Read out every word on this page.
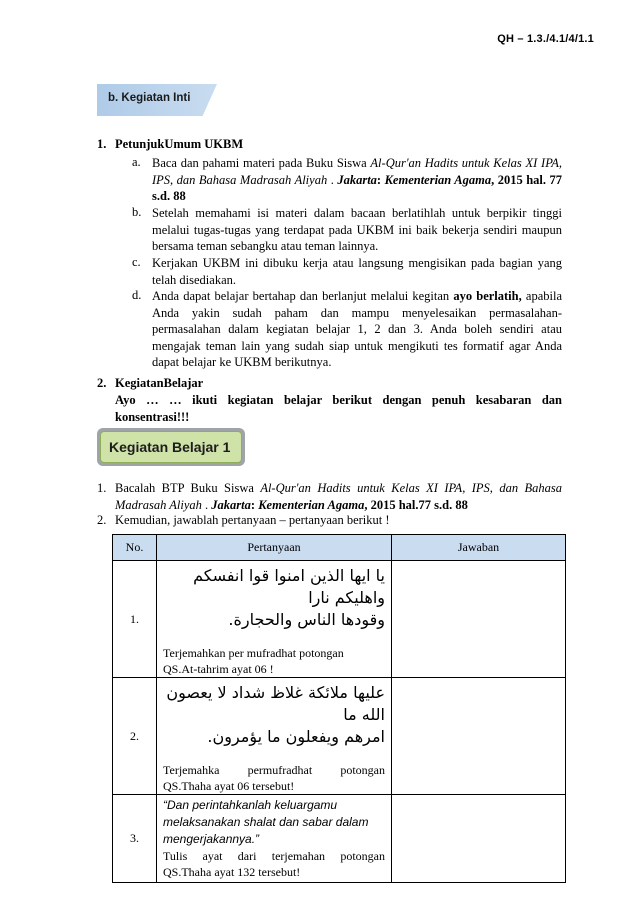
QH – 1.3./4.1/4/1.1
b. Kegiatan Inti
1. PetunjukUmum UKBM
a. Baca dan pahami materi pada Buku Siswa Al-Qur'an Hadits untuk Kelas XI IPA, IPS, dan Bahasa Madrasah Aliyah . Jakarta: Kementerian Agama, 2015 hal. 77 s.d. 88
b. Setelah memahami isi materi dalam bacaan berlatihlah untuk berpikir tinggi melalui tugas-tugas yang terdapat pada UKBM ini baik bekerja sendiri maupun bersama teman sebangku atau teman lainnya.
c. Kerjakan UKBM ini dibuku kerja atau langsung mengisikan pada bagian yang telah disediakan.
d. Anda dapat belajar bertahap dan berlanjut melalui kegitan ayo berlatih, apabila Anda yakin sudah paham dan mampu menyelesaikan permasalahan-permasalahan dalam kegiatan belajar 1, 2 dan 3. Anda boleh sendiri atau mengajak teman lain yang sudah siap untuk mengikuti tes formatif agar Anda dapat belajar ke UKBM berikutnya.
2. KegiatanBelajar
Ayo … … ikuti kegiatan belajar berikut dengan penuh kesabaran dan konsentrasi!!!
Kegiatan Belajar 1
1. Bacalah BTP Buku Siswa Al-Qur'an Hadits untuk Kelas XI IPA, IPS, dan Bahasa Madrasah Aliyah . Jakarta: Kementerian Agama, 2015 hal.77 s.d. 88
2. Kemudian, jawablah pertanyaan – pertanyaan berikut !
No.	Pertanyaan	Jawaban
1.	يا ايها الذين امنوا قوا انفسكم واهليكم نارا
وقودها الناس والحجارة.
Terjemahkan per mufradhat potongan
QS.At-tahrim ayat 06 !	

2.	عليها ملائكة غلاظ شداد لا يعصون الله ما
امرهم ويفعلون ما يؤمرون.
Terjemahka permufradhat potongan
QS.Thaha ayat 06 tersebut!	

3.	“Dan perintahkanlah keluargamu melaksanakan shalat dan sabar dalam mengerjakannya.”
Tulis ayat dari terjemahan potongan
QS.Thaha ayat 132 tersebut!	
